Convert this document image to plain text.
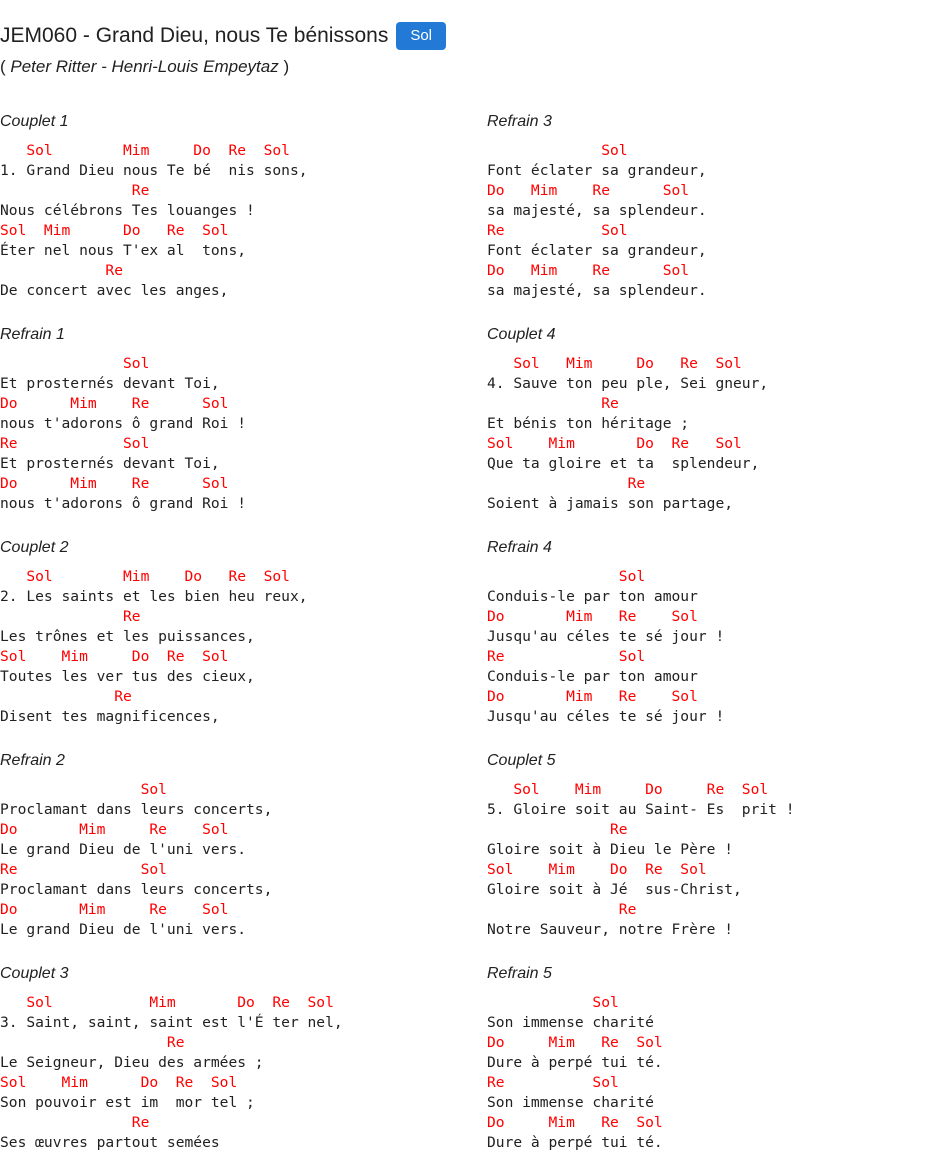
JEM060 - Grand Dieu, nous Te bénissons	Sol
( Peter Ritter - Henri-Louis Empeytaz )
Couplet 1
Sol        Mim     Do  Re  Sol
1. Grand Dieu nous Te bé  nis sons,
Re
Nous célébrons Tes louanges !
Sol  Mim      Do   Re  Sol
Éter nel nous T'ex al  tons,
Re
De concert avec les anges,
Refrain 1
Sol
Et prosternés devant Toi,
Do      Mim    Re      Sol
nous t'adorons ô grand Roi !
Re            Sol
Et prosternés devant Toi,
Do      Mim    Re      Sol
nous t'adorons ô grand Roi !
Couplet 2
Sol        Mim    Do   Re  Sol
2. Les saints et les bien heu reux,
Re
Les trônes et les puissances,
Sol    Mim     Do  Re  Sol
Toutes les ver tus des cieux,
Re
Disent tes magnificences,
Refrain 2
Sol
Proclamant dans leurs concerts,
Do       Mim     Re    Sol
Le grand Dieu de l'uni vers.
Re              Sol
Proclamant dans leurs concerts,
Do       Mim     Re    Sol
Le grand Dieu de l'uni vers.
Couplet 3
Sol           Mim       Do  Re  Sol
3. Saint, saint, saint est l'É ter nel,
Re
Le Seigneur, Dieu des armées ;
Sol    Mim      Do  Re  Sol
Son pouvoir est im  mor tel ;
Re
Ses œuvres partout semées
Refrain 3
Sol
Font éclater sa grandeur,
Do   Mim    Re      Sol
sa majesté, sa splendeur.
Re           Sol
Font éclater sa grandeur,
Do   Mim    Re      Sol
sa majesté, sa splendeur.
Couplet 4
Sol   Mim     Do   Re  Sol
4. Sauve ton peu ple, Sei gneur,
Re
Et bénis ton héritage ;
Sol    Mim       Do  Re   Sol
Que ta gloire et ta  splendeur,
Re
Soient à jamais son partage,
Refrain 4
Sol
Conduis-le par ton amour
Do       Mim   Re    Sol
Jusqu'au céles te sé jour !
Re             Sol
Conduis-le par ton amour
Do       Mim   Re    Sol
Jusqu'au céles te sé jour !
Couplet 5
Sol    Mim     Do     Re  Sol
5. Gloire soit au Saint- Es  prit !
Re
Gloire soit à Dieu le Père !
Sol    Mim    Do  Re  Sol
Gloire soit à Jé  sus-Christ,
Re
Notre Sauveur, notre Frère !
Refrain 5
Sol
Son immense charité
Do     Mim   Re  Sol
Dure à perpé tui té.
Re          Sol
Son immense charité
Do     Mim   Re  Sol
Dure à perpé tui té.
